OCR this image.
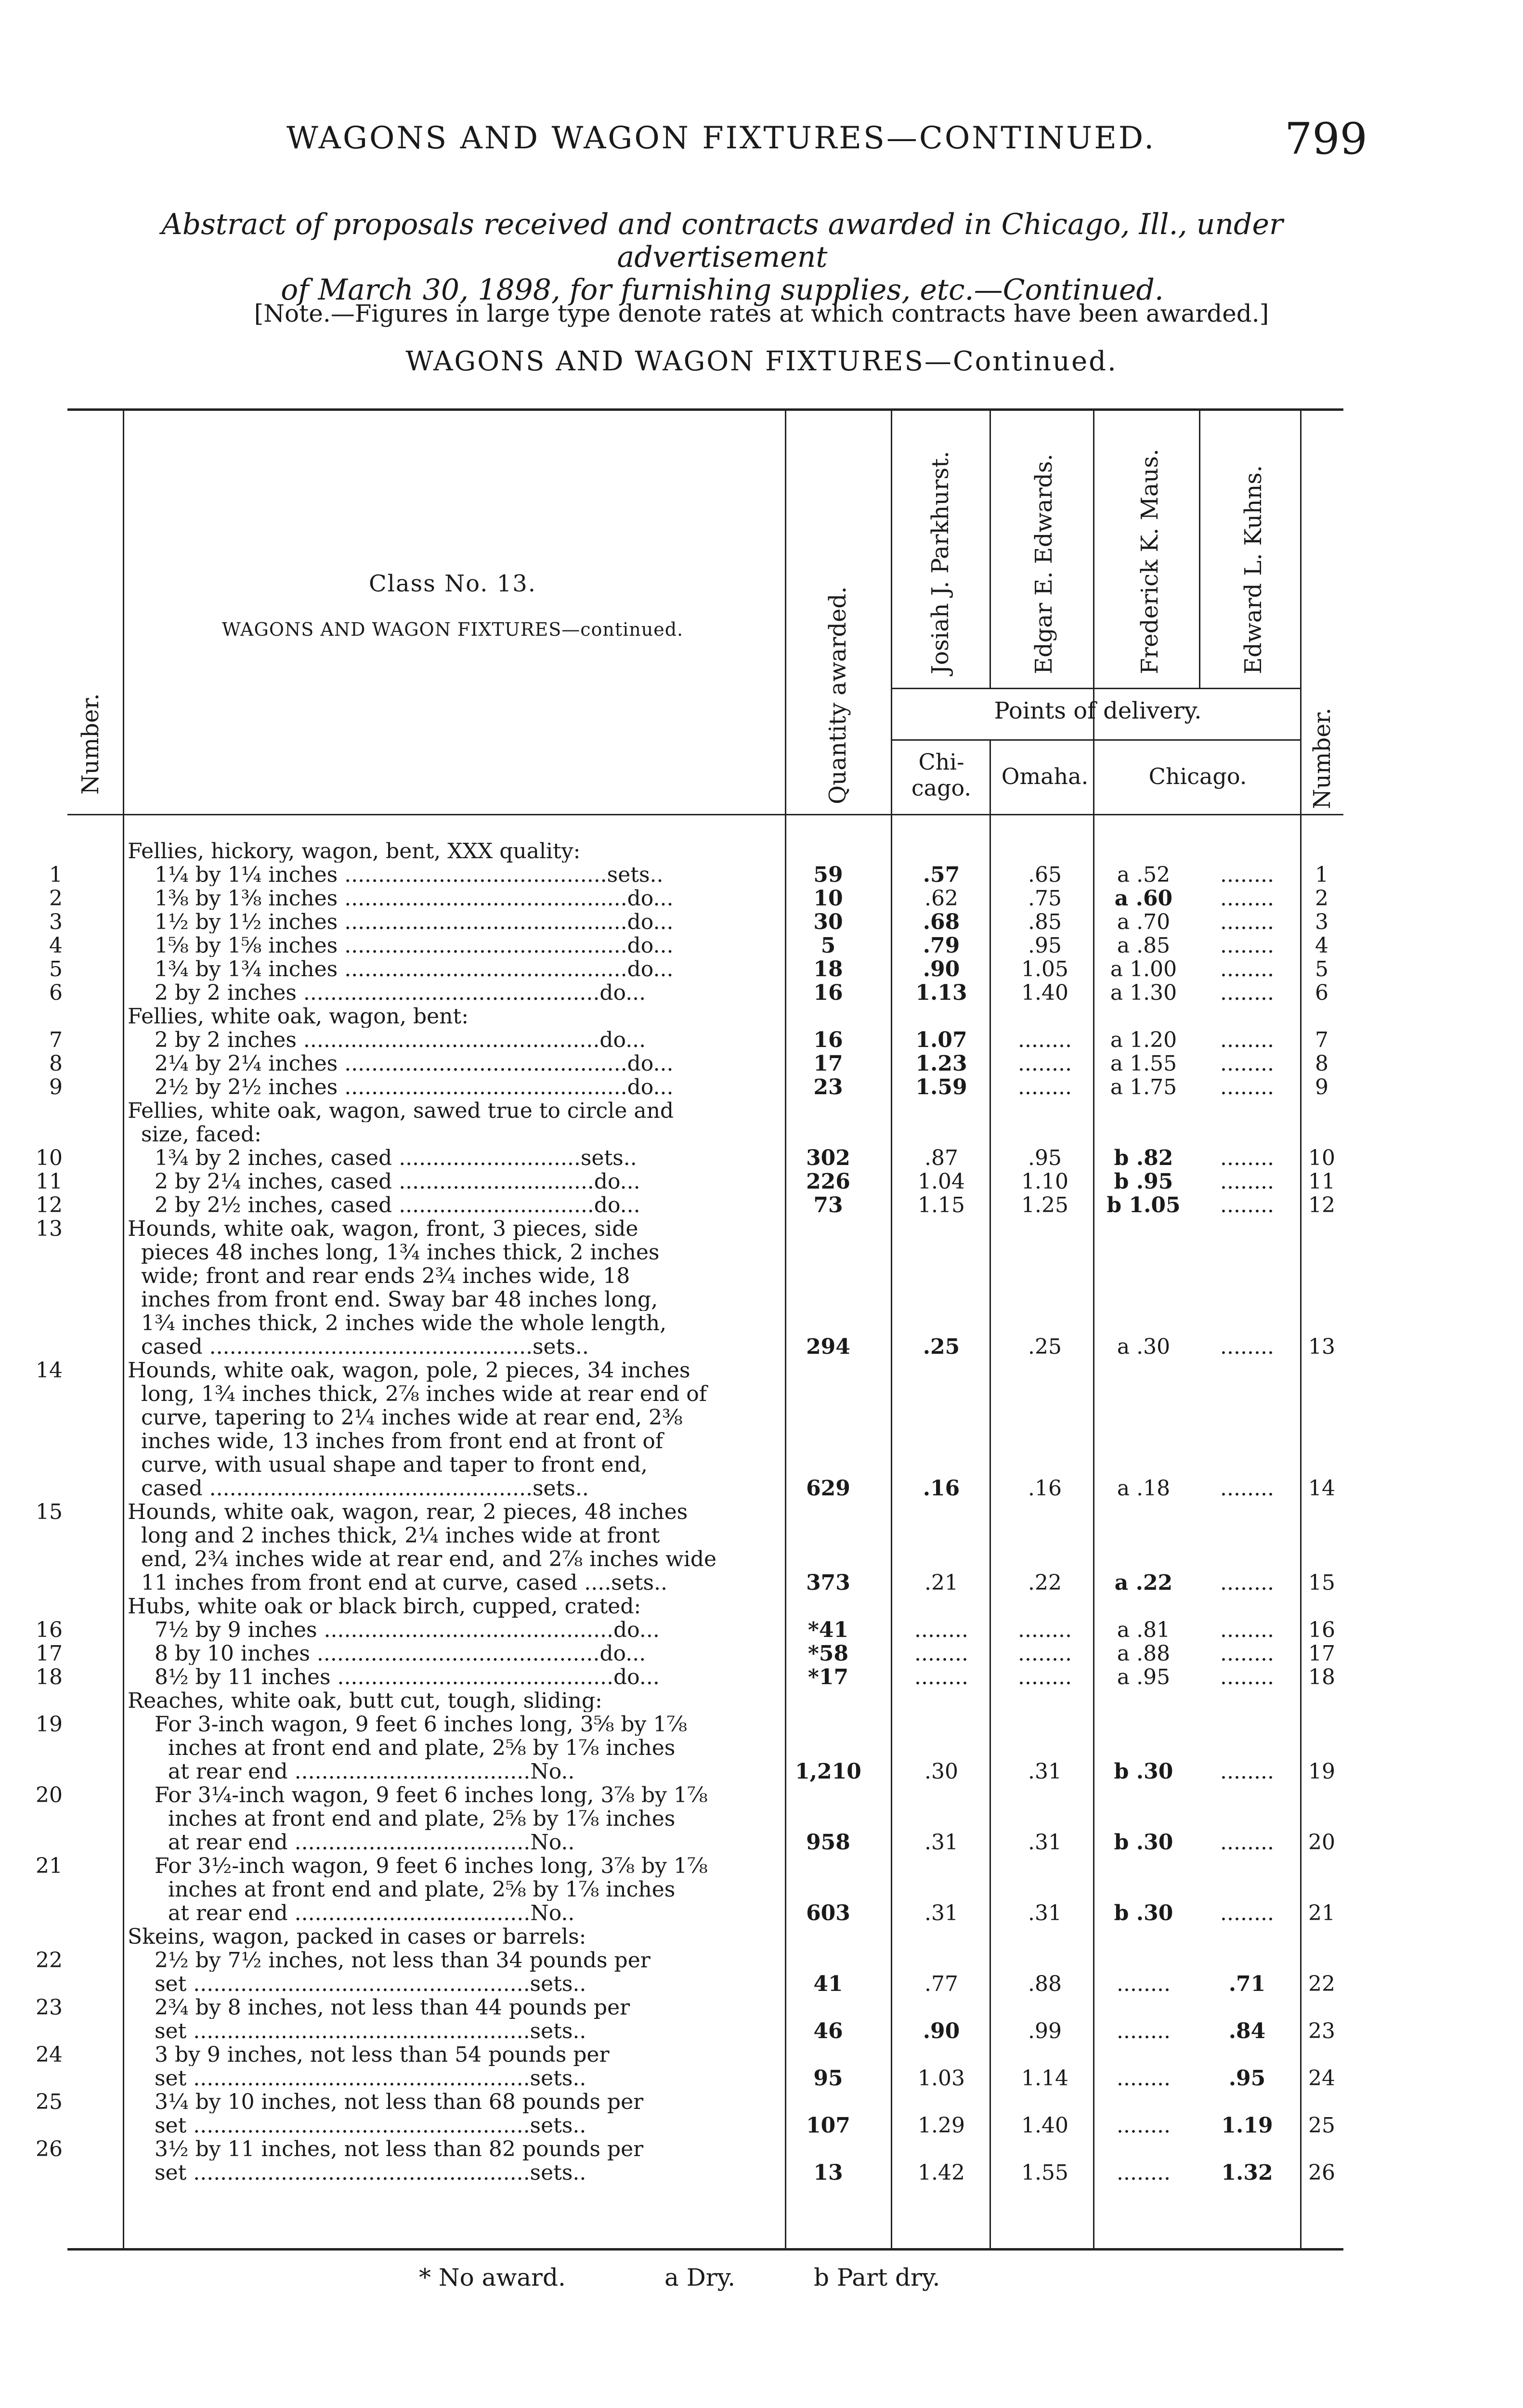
WAGONS AND WAGON FIXTURES—CONTINUED.	799
Abstract of proposals received and contracts awarded in Chicago, Ill., under advertisement
of March 30, 1898, for furnishing supplies, etc.—Continued.
[Note.—Figures in large type denote rates at which contracts have been awarded.]
WAGONS AND WAGON FIXTURES—Continued.
Number.
Class No. 13.
WAGONS AND WAGON FIXTURES—continued.	Quantity awarded.
Josiah J. Parkhurst.	Edgar E. Edwards.	Frederick K. Maus.	Edward L. Kuhns.
Points of delivery.
Chi-cago.	Omaha.	Chicago.	Number.
Fellies, hickory, wagon, bent, XXX quality:
1	1¼ by 1¼ inches .......................................sets..	59	.57	.65	a .52	........	1
2	1⅜ by 1⅜ inches ..........................................do...	10	.62	.75	a .60	........	2
3	1½ by 1½ inches ..........................................do...	30	.68	.85	a .70	........	3
4	1⅝ by 1⅝ inches ..........................................do...	5	.79	.95	a .85	........	4
5	1¾ by 1¾ inches ..........................................do...	18	.90	1.05	a 1.00	........	5
6	2 by 2 inches ............................................do...	16	1.13	1.40	a 1.30	........	6
Fellies, white oak, wagon, bent:
7	2 by 2 inches ............................................do...	16	1.07	........	a 1.20	........	7
8	2¼ by 2¼ inches ..........................................do...	17	1.23	........	a 1.55	........	8
9	2½ by 2½ inches ..........................................do...	23	1.59	........	a 1.75	........	9
Fellies, white oak, wagon, sawed true to circle and
size, faced:
10	1¾ by 2 inches, cased ...........................sets..	302	.87	.95	b .82	........	10
11	2 by 2¼ inches, cased .............................do...	226	1.04	1.10	b .95	........	11
12	2 by 2½ inches, cased .............................do...	73	1.15	1.25	b 1.05	........	12
13	Hounds, white oak, wagon, front, 3 pieces, side
pieces 48 inches long, 1¾ inches thick, 2 inches
wide; front and rear ends 2¾ inches wide, 18
inches from front end. Sway bar 48 inches long,
1¾ inches thick, 2 inches wide the whole length,
cased ................................................sets..	294	.25	.25	a .30	........	13
14	Hounds, white oak, wagon, pole, 2 pieces, 34 inches
long, 1¾ inches thick, 2⅞ inches wide at rear end of
curve, tapering to 2¼ inches wide at rear end, 2⅜
inches wide, 13 inches from front end at front of
curve, with usual shape and taper to front end,
cased ................................................sets..	629	.16	.16	a .18	........	14
15	Hounds, white oak, wagon, rear, 2 pieces, 48 inches
long and 2 inches thick, 2¼ inches wide at front
end, 2¾ inches wide at rear end, and 2⅞ inches wide
11 inches from front end at curve, cased ....sets..	373	.21	.22	a .22	........	15
Hubs, white oak or black birch, cupped, crated:
16	7½ by 9 inches ...........................................do...	*41	........	........	a .81	........	16
17	8 by 10 inches ..........................................do...	*58	........	........	a .88	........	17
18	8½ by 11 inches .........................................do...	*17	........	........	a .95	........	18
Reaches, white oak, butt cut, tough, sliding:
19	For 3-inch wagon, 9 feet 6 inches long, 3⅝ by 1⅞
inches at front end and plate, 2⅝ by 1⅞ inches
at rear end ...................................No..	1,210	.30	.31	b .30	........	19
20	For 3¼-inch wagon, 9 feet 6 inches long, 3⅞ by 1⅞
inches at front end and plate, 2⅝ by 1⅞ inches
at rear end ...................................No..	958	.31	.31	b .30	........	20
21	For 3½-inch wagon, 9 feet 6 inches long, 3⅞ by 1⅞
inches at front end and plate, 2⅝ by 1⅞ inches
at rear end ...................................No..	603	.31	.31	b .30	........	21
Skeins, wagon, packed in cases or barrels:
22	2½ by 7½ inches, not less than 34 pounds per
set ..................................................sets..	41	.77	.88	........	.71	22
23	2¾ by 8 inches, not less than 44 pounds per
set ..................................................sets..	46	.90	.99	........	.84	23
24	3 by 9 inches, not less than 54 pounds per
set ..................................................sets..	95	1.03	1.14	........	.95	24
25	3¼ by 10 inches, not less than 68 pounds per
set ..................................................sets..	107	1.29	1.40	........	1.19	25
26	3½ by 11 inches, not less than 82 pounds per
set ..................................................sets..	13	1.42	1.55	........	1.32	26
* No award.	a Dry.	b Part dry.
